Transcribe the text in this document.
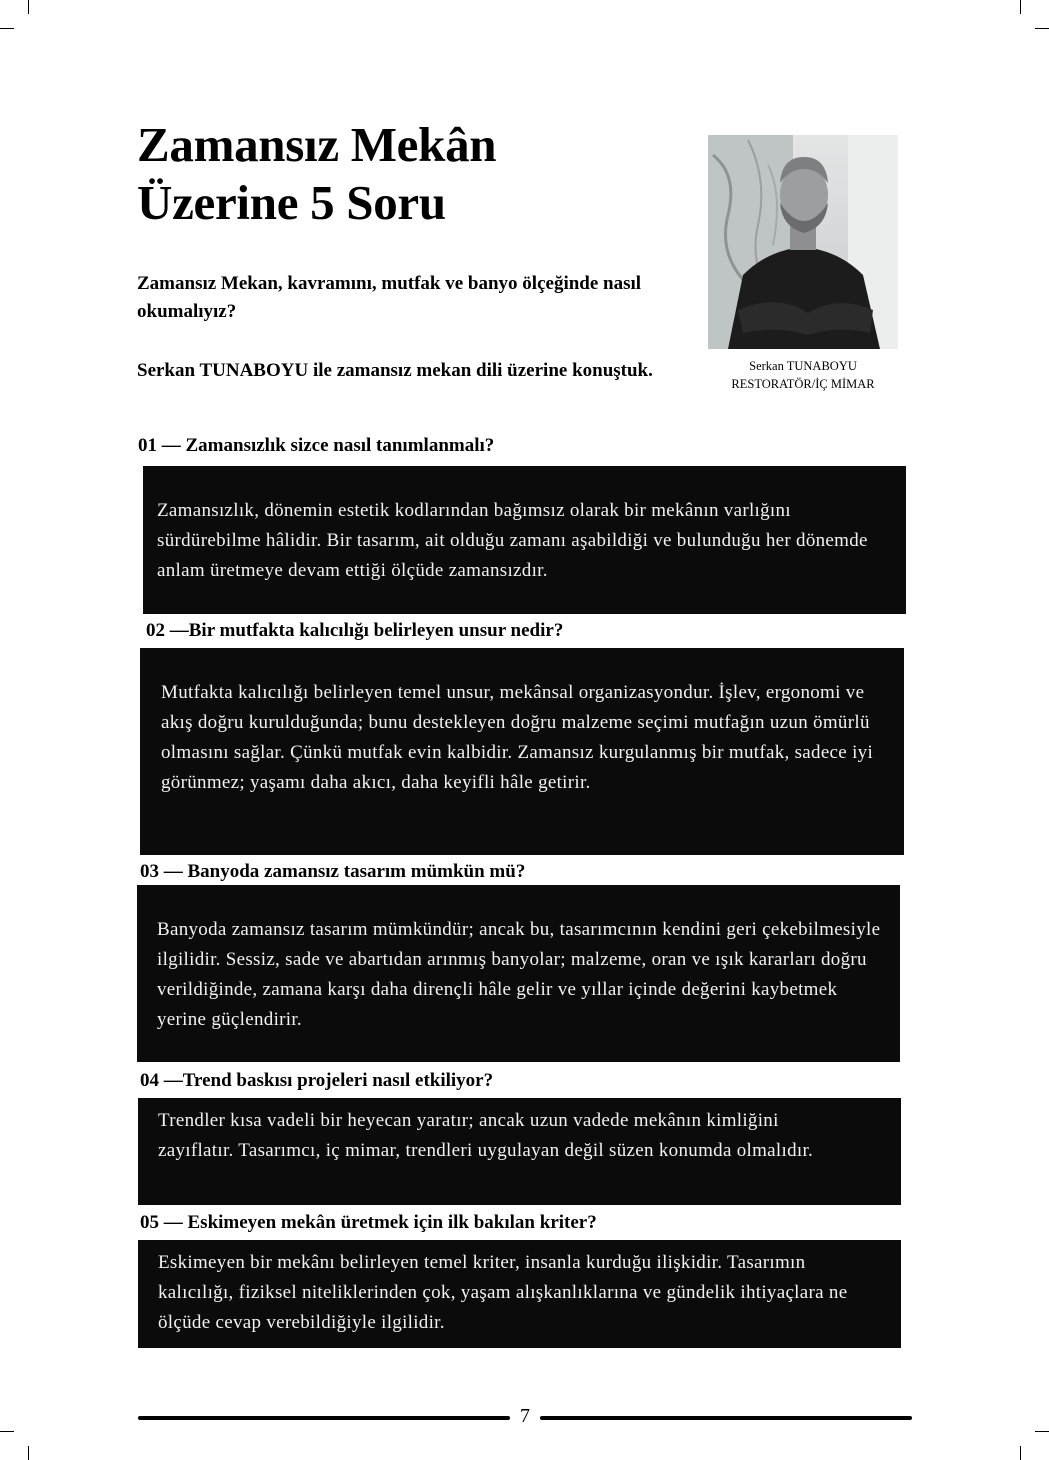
Zamansız Mekân
Üzerine 5 Soru

Zamansız Mekan, kavramını, mutfak ve banyo ölçeğinde nasıl okumalıyız?

Serkan TUNABOYU ile zamansız mekan dili üzerine konuştuk.	Serkan TUNABOYU
RESTORATÖR/İÇ MİMAR
01 — Zamansızlık sizce nasıl tanımlanmalı?

Zamansızlık, dönemin estetik kodlarından bağımsız olarak bir mekânın varlığını sürdürebilme hâlidir. Bir tasarım, ait olduğu zamanı aşabildiği ve bulunduğu her dönemde anlam üretmeye devam ettiği ölçüde zamansızdır.

02 —Bir mutfakta kalıcılığı belirleyen unsur nedir?

Mutfakta kalıcılığı belirleyen temel unsur, mekânsal organizasyondur. İşlev, ergonomi ve akış doğru kurulduğunda; bunu destekleyen doğru malzeme seçimi mutfağın uzun ömürlü olmasını sağlar. Çünkü mutfak evin kalbidir. Zamansız kurgulanmış bir mutfak, sadece iyi görünmez; yaşamı daha akıcı, daha keyifli hâle getirir.

03 — Banyoda zamansız tasarım mümkün mü?

Banyoda zamansız tasarım mümkündür; ancak bu, tasarımcının kendini geri çekebilmesiyle ilgilidir. Sessiz, sade ve abartıdan arınmış banyolar; malzeme, oran ve ışık kararları doğru verildiğinde, zamana karşı daha dirençli hâle gelir ve yıllar içinde değerini kaybetmek yerine güçlendirir.

04 —Trend baskısı projeleri nasıl etkiliyor?

Trendler kısa vadeli bir heyecan yaratır; ancak uzun vadede mekânın kimliğini zayıflatır. Tasarımcı, iç mimar, trendleri uygulayan değil süzen konumda olmalıdır.

05 — Eskimeyen mekân üretmek için ilk bakılan kriter?

Eskimeyen bir mekânı belirleyen temel kriter, insanla kurduğu ilişkidir. Tasarımın kalıcılığı, fiziksel niteliklerinden çok, yaşam alışkanlıklarına ve gündelik ihtiyaçlara ne ölçüde cevap verebildiğiyle ilgilidir.

7
